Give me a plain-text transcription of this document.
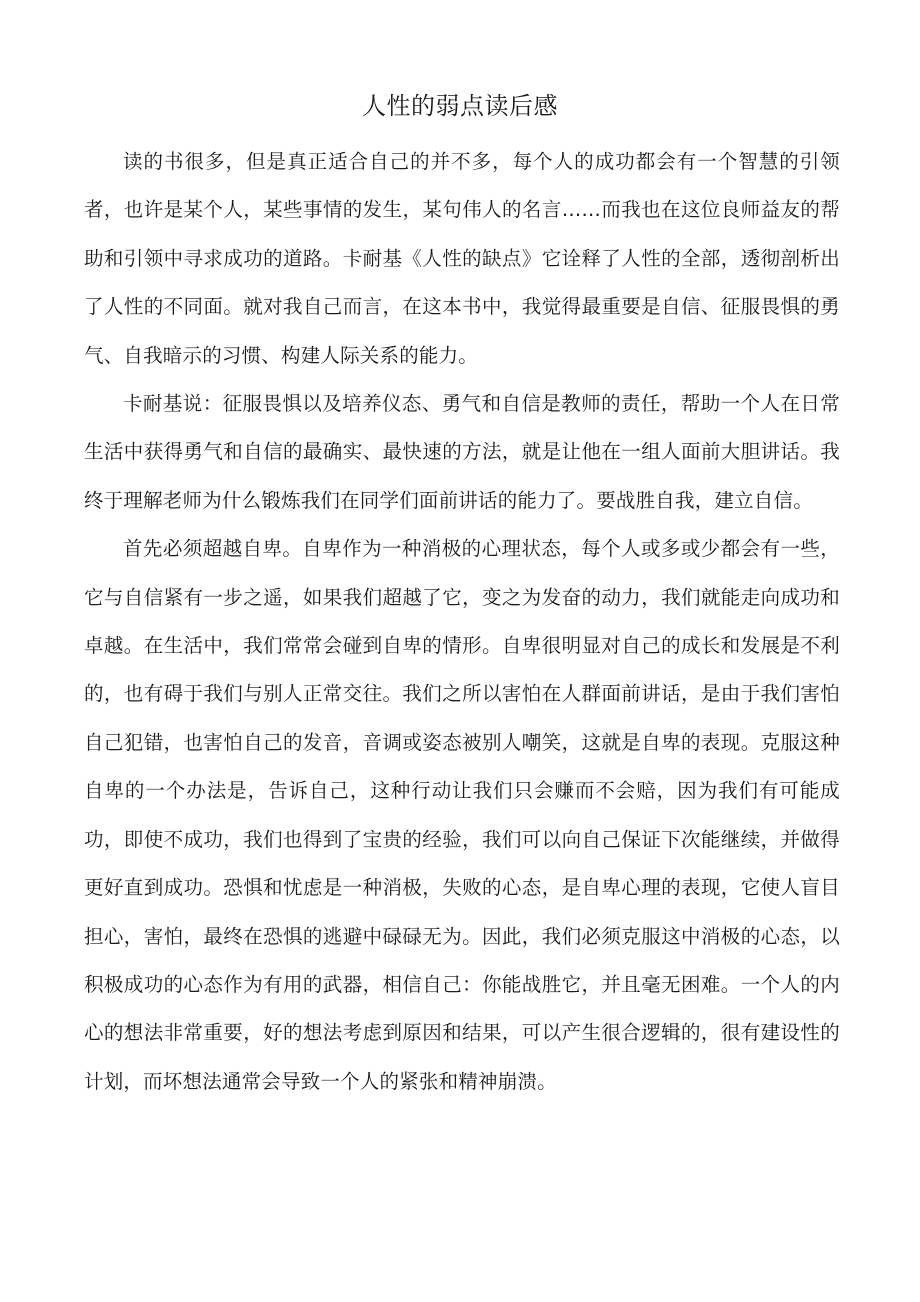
人性的弱点读后感

读的书很多，但是真正适合自己的并不多，每个人的成功都会有一个智慧的引领者，也许是某个人，某些事情的发生，某句伟人的名言……而我也在这位良师益友的帮助和引领中寻求成功的道路。卡耐基《人性的缺点》它诠释了人性的全部，透彻剖析出了人性的不同面。就对我自己而言，在这本书中，我觉得最重要是自信、征服畏惧的勇气、自我暗示的习惯、构建人际关系的能力。

卡耐基说：征服畏惧以及培养仪态、勇气和自信是教师的责任，帮助一个人在日常生活中获得勇气和自信的最确实、最快速的方法，就是让他在一组人面前大胆讲话。我终于理解老师为什么锻炼我们在同学们面前讲话的能力了。要战胜自我，建立自信。

首先必须超越自卑。自卑作为一种消极的心理状态，每个人或多或少都会有一些，它与自信紧有一步之遥，如果我们超越了它，变之为发奋的动力，我们就能走向成功和卓越。在生活中，我们常常会碰到自卑的情形。自卑很明显对自己的成长和发展是不利的，也有碍于我们与别人正常交往。我们之所以害怕在人群面前讲话，是由于我们害怕自己犯错，也害怕自己的发音，音调或姿态被别人嘲笑，这就是自卑的表现。克服这种自卑的一个办法是，告诉自己，这种行动让我们只会赚而不会赔，因为我们有可能成功，即使不成功，我们也得到了宝贵的经验，我们可以向自己保证下次能继续，并做得更好直到成功。恐惧和忧虑是一种消极，失败的心态，是自卑心理的表现，它使人盲目担心，害怕，最终在恐惧的逃避中碌碌无为。因此，我们必须克服这中消极的心态，以积极成功的心态作为有用的武器，相信自己：你能战胜它，并且毫无困难。一个人的内心的想法非常重要，好的想法考虑到原因和结果，可以产生很合逻辑的，很有建设性的计划，而坏想法通常会导致一个人的紧张和精神崩溃。
